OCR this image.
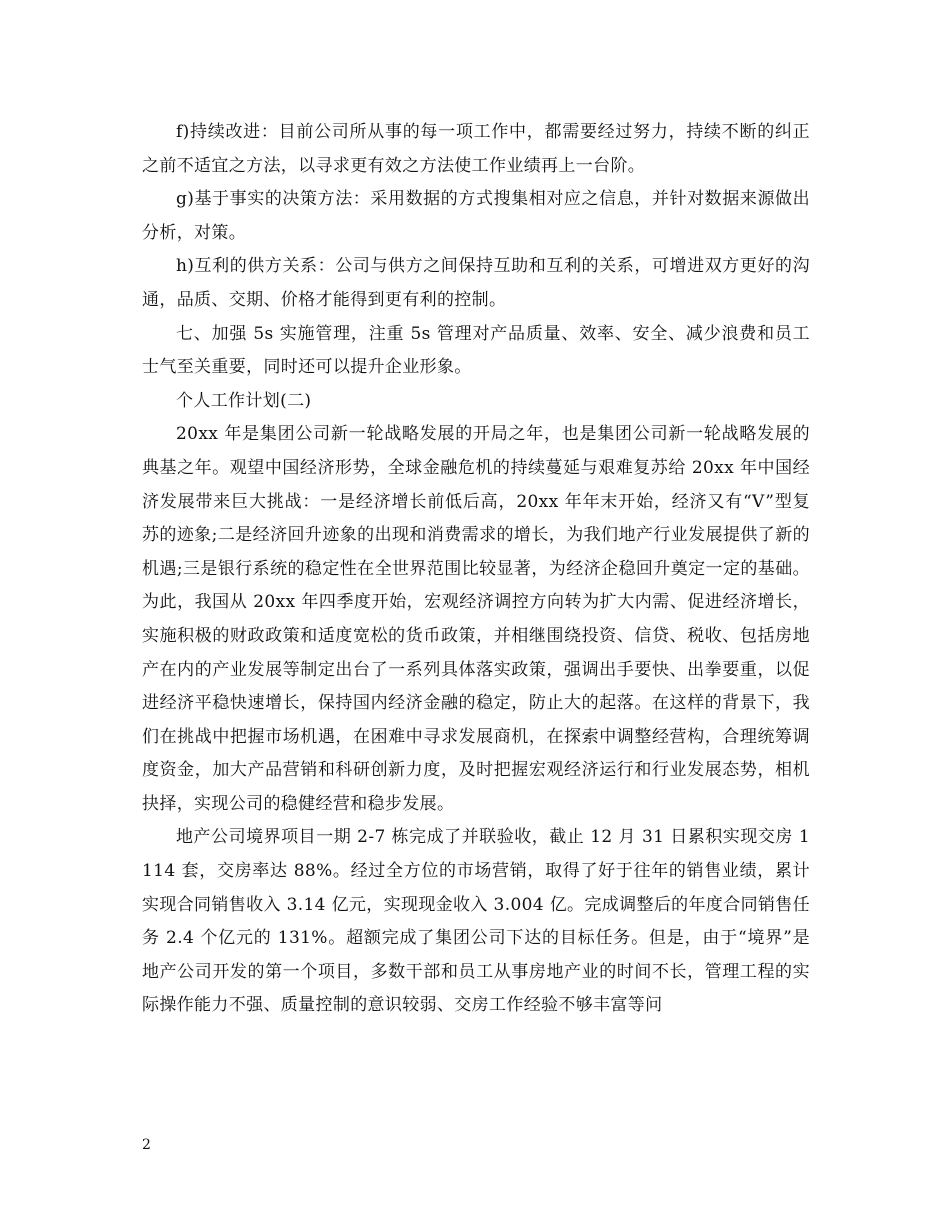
f)持续改进：目前公司所从事的每一项工作中，都需要经过努力，持续不断的纠正之前不适宜之方法，以寻求更有效之方法使工作业绩再上一台阶。

g)基于事实的决策方法：采用数据的方式搜集相对应之信息，并针对数据来源做出分析，对策。

h)互利的供方关系：公司与供方之间保持互助和互利的关系，可增进双方更好的沟通，品质、交期、价格才能得到更有利的控制。

七、加强 5s 实施管理，注重 5s 管理对产品质量、效率、安全、减少浪费和员工士气至关重要，同时还可以提升企业形象。

个人工作计划(二)

20xx 年是集团公司新一轮战略发展的开局之年，也是集团公司新一轮战略发展的典基之年。观望中国经济形势，全球金融危机的持续蔓延与艰难复苏给 20xx 年中国经济发展带来巨大挑战：一是经济增长前低后高，20xx 年年末开始，经济又有“V”型复苏的迹象;二是经济回升迹象的出现和消费需求的增长，为我们地产行业发展提供了新的机遇;三是银行系统的稳定性在全世界范围比较显著，为经济企稳回升奠定一定的基础。为此，我国从 20xx 年四季度开始，宏观经济调控方向转为扩大内需、促进经济增长，实施积极的财政政策和适度宽松的货币政策，并相继围绕投资、信贷、税收、包括房地产在内的产业发展等制定出台了一系列具体落实政策，强调出手要快、出拳要重，以促进经济平稳快速增长，保持国内经济金融的稳定，防止大的起落。在这样的背景下，我们在挑战中把握市场机遇，在困难中寻求发展商机，在探索中调整经营构，合理统筹调度资金，加大产品营销和科研创新力度，及时把握宏观经济运行和行业发展态势，相机抉择，实现公司的稳健经营和稳步发展。

地产公司境界项目一期 2-7 栋完成了并联验收，截止 12 月 31 日累积实现交房 1114 套，交房率达 88%。经过全方位的市场营销，取得了好于往年的销售业绩，累计实现合同销售收入 3.14 亿元，实现现金收入 3.004 亿。完成调整后的年度合同销售任务 2.4 个亿元的 131%。超额完成了集团公司下达的目标任务。但是，由于“境界”是地产公司开发的第一个项目，多数干部和员工从事房地产业的时间不长，管理工程的实际操作能力不强、质量控制的意识较弱、交房工作经验不够丰富等问

2
